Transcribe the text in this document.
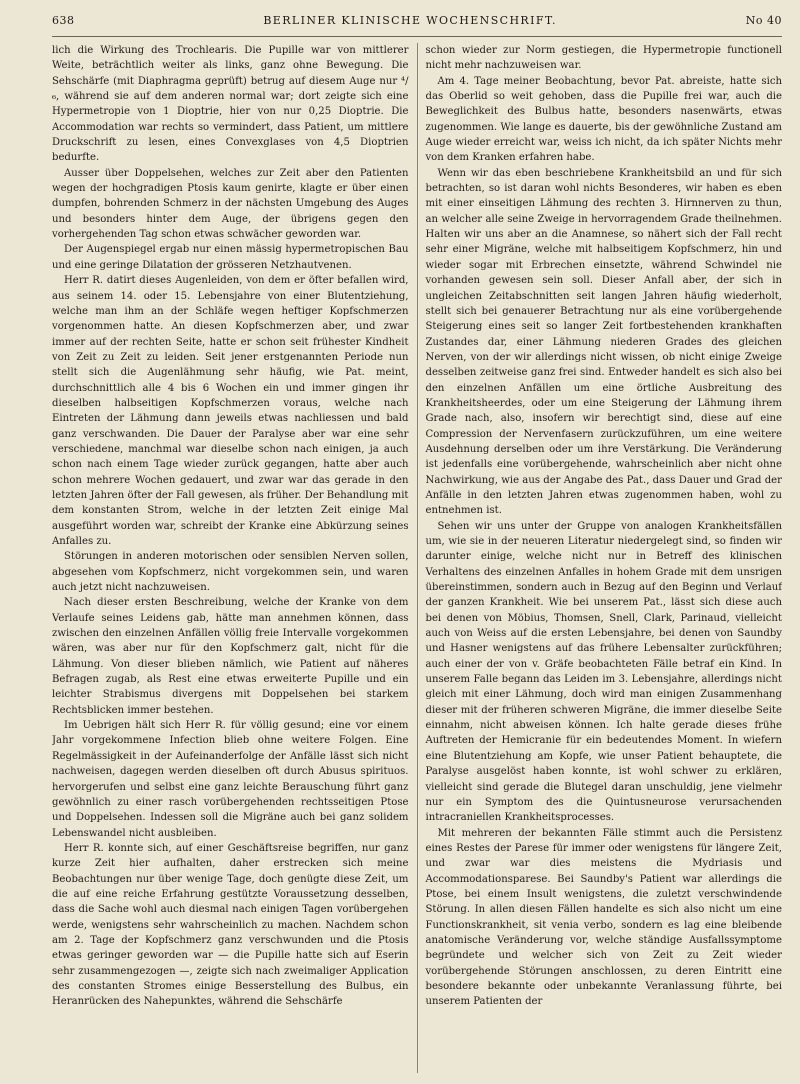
638	BERLINER KLINISCHE WOCHENSCHRIFT.	No 40

lich die Wirkung des Trochlearis. Die Pupille war von mittlerer Weite, beträchtlich weiter als links, ganz ohne Bewegung. Die Sehschärfe (mit Diaphragma geprüft) betrug auf diesem Auge nur ⁴/₆, während sie auf dem anderen normal war; dort zeigte sich eine Hypermetropie von 1 Dioptrie, hier von nur 0,25 Dioptrie. Die Accommodation war rechts so vermindert, dass Patient, um mittlere Druckschrift zu lesen, eines Convexglases von 4,5 Dioptrien bedurfte.

Ausser über Doppelsehen, welches zur Zeit aber den Patienten wegen der hochgradigen Ptosis kaum genirte, klagte er über einen dumpfen, bohrenden Schmerz in der nächsten Umgebung des Auges und besonders hinter dem Auge, der übrigens gegen den vorhergehenden Tag schon etwas schwächer geworden war.

Der Augenspiegel ergab nur einen mässig hypermetropischen Bau und eine geringe Dilatation der grösseren Netzhautvenen.

Herr R. datirt dieses Augenleiden, von dem er öfter befallen wird, aus seinem 14. oder 15. Lebensjahre von einer Blutentziehung, welche man ihm an der Schläfe wegen heftiger Kopfschmerzen vorgenommen hatte. An diesen Kopfschmerzen aber, und zwar immer auf der rechten Seite, hatte er schon seit frühester Kindheit von Zeit zu Zeit zu leiden. Seit jener erstgenannten Periode nun stellt sich die Augenlähmung sehr häufig, wie Pat. meint, durchschnittlich alle 4 bis 6 Wochen ein und immer gingen ihr dieselben halbseitigen Kopfschmerzen voraus, welche nach Eintreten der Lähmung dann jeweils etwas nachliessen und bald ganz verschwanden. Die Dauer der Paralyse aber war eine sehr verschiedene, manchmal war dieselbe schon nach einigen, ja auch schon nach einem Tage wieder zurück gegangen, hatte aber auch schon mehrere Wochen gedauert, und zwar war das gerade in den letzten Jahren öfter der Fall gewesen, als früher. Der Behandlung mit dem konstanten Strom, welche in der letzten Zeit einige Mal ausgeführt worden war, schreibt der Kranke eine Abkürzung seines Anfalles zu.

Störungen in anderen motorischen oder sensiblen Nerven sollen, abgesehen vom Kopfschmerz, nicht vorgekommen sein, und waren auch jetzt nicht nachzuweisen.

Nach dieser ersten Beschreibung, welche der Kranke von dem Verlaufe seines Leidens gab, hätte man annehmen können, dass zwischen den einzelnen Anfällen völlig freie Intervalle vorgekommen wären, was aber nur für den Kopfschmerz galt, nicht für die Lähmung. Von dieser blieben nämlich, wie Patient auf näheres Befragen zugab, als Rest eine etwas erweiterte Pupille und ein leichter Strabismus divergens mit Doppelsehen bei starkem Rechtsblicken immer bestehen.

Im Uebrigen hält sich Herr R. für völlig gesund; eine vor einem Jahr vorgekommene Infection blieb ohne weitere Folgen. Eine Regelmässigkeit in der Aufeinanderfolge der Anfälle lässt sich nicht nachweisen, dagegen werden dieselben oft durch Abusus spirituos. hervorgerufen und selbst eine ganz leichte Berauschung führt ganz gewöhnlich zu einer rasch vorübergehenden rechtsseitigen Ptose und Doppelsehen. Indessen soll die Migräne auch bei ganz solidem Lebenswandel nicht ausbleiben.

Herr R. konnte sich, auf einer Geschäftsreise begriffen, nur ganz kurze Zeit hier aufhalten, daher erstrecken sich meine Beobachtungen nur über wenige Tage, doch genügte diese Zeit, um die auf eine reiche Erfahrung gestützte Voraussetzung desselben, dass die Sache wohl auch diesmal nach einigen Tagen vorübergehen werde, wenigstens sehr wahrscheinlich zu machen. Nachdem schon am 2. Tage der Kopfschmerz ganz verschwunden und die Ptosis etwas geringer geworden war — die Pupille hatte sich auf Eserin sehr zusammengezogen —, zeigte sich nach zweimaliger Application des constanten Stromes einige Besserstellung des Bulbus, ein Heranrücken des Nahepunktes, während die Sehschärfe

schon wieder zur Norm gestiegen, die Hypermetropie functionell nicht mehr nachzuweisen war.

Am 4. Tage meiner Beobachtung, bevor Pat. abreiste, hatte sich das Oberlid so weit gehoben, dass die Pupille frei war, auch die Beweglichkeit des Bulbus hatte, besonders nasenwärts, etwas zugenommen. Wie lange es dauerte, bis der gewöhnliche Zustand am Auge wieder erreicht war, weiss ich nicht, da ich später Nichts mehr von dem Kranken erfahren habe.

Wenn wir das eben beschriebene Krankheitsbild an und für sich betrachten, so ist daran wohl nichts Besonderes, wir haben es eben mit einer einseitigen Lähmung des rechten 3. Hirnnerven zu thun, an welcher alle seine Zweige in hervorragendem Grade theilnehmen. Halten wir uns aber an die Anamnese, so nähert sich der Fall recht sehr einer Migräne, welche mit halbseitigem Kopfschmerz, hin und wieder sogar mit Erbrechen einsetzte, während Schwindel nie vorhanden gewesen sein soll. Dieser Anfall aber, der sich in ungleichen Zeitabschnitten seit langen Jahren häufig wiederholt, stellt sich bei genauerer Betrachtung nur als eine vorübergehende Steigerung eines seit so langer Zeit fortbestehenden krankhaften Zustandes dar, einer Lähmung niederen Grades des gleichen Nerven, von der wir allerdings nicht wissen, ob nicht einige Zweige desselben zeitweise ganz frei sind. Entweder handelt es sich also bei den einzelnen Anfällen um eine örtliche Ausbreitung des Krankheitsheerdes, oder um eine Steigerung der Lähmung ihrem Grade nach, also, insofern wir berechtigt sind, diese auf eine Compression der Nervenfasern zurückzuführen, um eine weitere Ausdehnung derselben oder um ihre Verstärkung. Die Veränderung ist jedenfalls eine vorübergehende, wahrscheinlich aber nicht ohne Nachwirkung, wie aus der Angabe des Pat., dass Dauer und Grad der Anfälle in den letzten Jahren etwas zugenommen haben, wohl zu entnehmen ist.

Sehen wir uns unter der Gruppe von analogen Krankheitsfällen um, wie sie in der neueren Literatur niedergelegt sind, so finden wir darunter einige, welche nicht nur in Betreff des klinischen Verhaltens des einzelnen Anfalles in hohem Grade mit dem unsrigen übereinstimmen, sondern auch in Bezug auf den Beginn und Verlauf der ganzen Krankheit. Wie bei unserem Pat., lässt sich diese auch bei denen von Möbius, Thomsen, Snell, Clark, Parinaud, vielleicht auch von Weiss auf die ersten Lebensjahre, bei denen von Saundby und Hasner wenigstens auf das frühere Lebensalter zurückführen; auch einer der von v. Gräfe beobachteten Fälle betraf ein Kind. In unserem Falle begann das Leiden im 3. Lebensjahre, allerdings nicht gleich mit einer Lähmung, doch wird man einigen Zusammenhang dieser mit der früheren schweren Migräne, die immer dieselbe Seite einnahm, nicht abweisen können. Ich halte gerade dieses frühe Auftreten der Hemicranie für ein bedeutendes Moment. In wiefern eine Blutentziehung am Kopfe, wie unser Patient behauptete, die Paralyse ausgelöst haben konnte, ist wohl schwer zu erklären, vielleicht sind gerade die Blutegel daran unschuldig, jene vielmehr nur ein Symptom des die Quintusneurose verursachenden intracraniellen Krankheitsprocesses.

Mit mehreren der bekannten Fälle stimmt auch die Persistenz eines Restes der Parese für immer oder wenigstens für längere Zeit, und zwar war dies meistens die Mydriasis und Accommodationsparese. Bei Saundby's Patient war allerdings die Ptose, bei einem Insult wenigstens, die zuletzt verschwindende Störung. In allen diesen Fällen handelte es sich also nicht um eine Functionskrankheit, sit venia verbo, sondern es lag eine bleibende anatomische Veränderung vor, welche ständige Ausfallssymptome begründete und welcher sich von Zeit zu Zeit wieder vorübergehende Störungen anschlossen, zu deren Eintritt eine besondere bekannte oder unbekannte Veranlassung führte, bei unserem Patienten der
